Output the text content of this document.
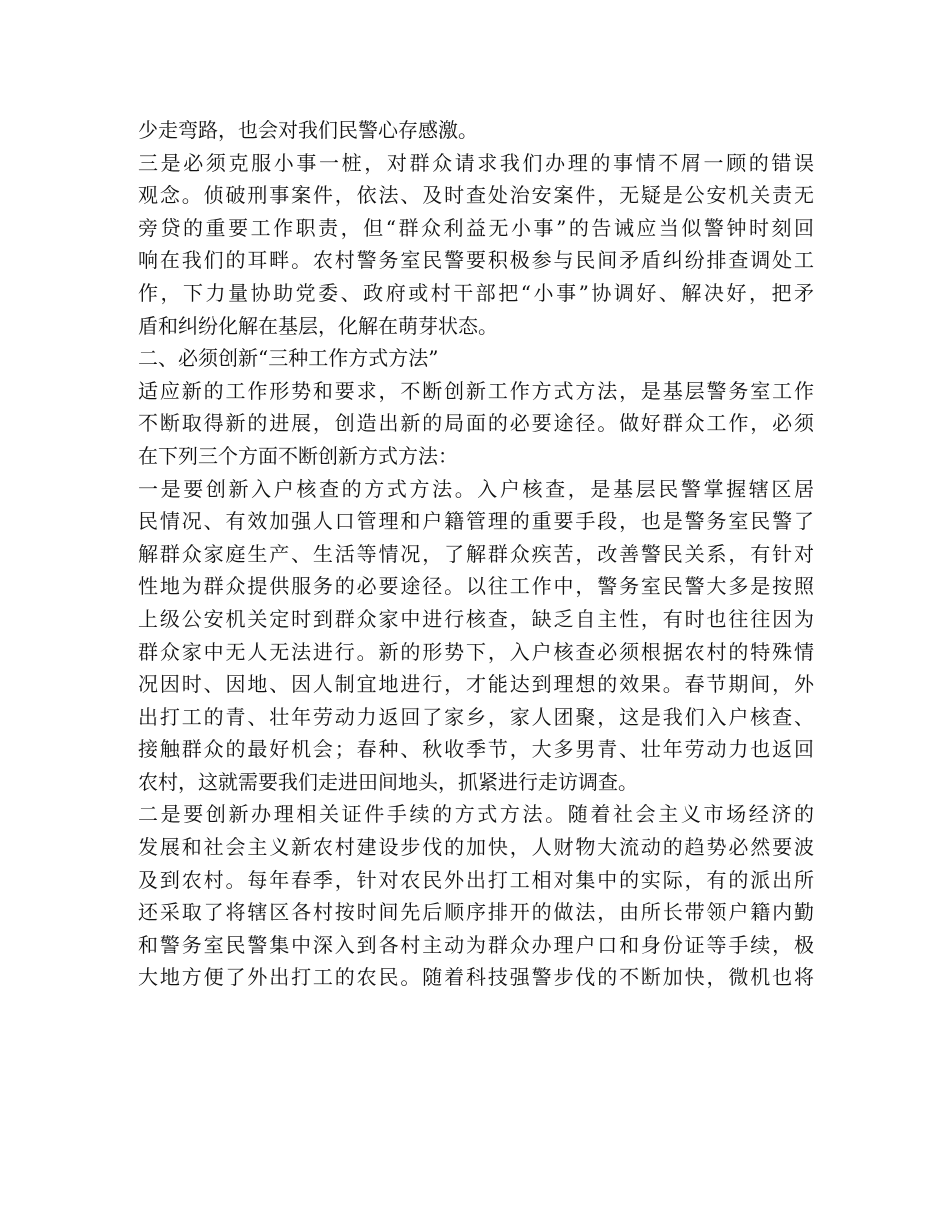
少走弯路，也会对我们民警心存感激。
三是必须克服小事一桩，对群众请求我们办理的事情不屑一顾的错误
观念。侦破刑事案件，依法、及时查处治安案件，无疑是公安机关责无
旁贷的重要工作职责，但“群众利益无小事”的告诫应当似警钟时刻回
响在我们的耳畔。农村警务室民警要积极参与民间矛盾纠纷排查调处工
作，下力量协助党委、政府或村干部把“小事”协调好、解决好，把矛
盾和纠纷化解在基层，化解在萌芽状态。
二、必须创新“三种工作方式方法”
适应新的工作形势和要求，不断创新工作方式方法，是基层警务室工作
不断取得新的进展，创造出新的局面的必要途径。做好群众工作，必须
在下列三个方面不断创新方式方法：
一是要创新入户核查的方式方法。入户核查，是基层民警掌握辖区居
民情况、有效加强人口管理和户籍管理的重要手段，也是警务室民警了
解群众家庭生产、生活等情况，了解群众疾苦，改善警民关系，有针对
性地为群众提供服务的必要途径。以往工作中，警务室民警大多是按照
上级公安机关定时到群众家中进行核查，缺乏自主性，有时也往往因为
群众家中无人无法进行。新的形势下，入户核查必须根据农村的特殊情
况因时、因地、因人制宜地进行，才能达到理想的效果。春节期间，外
出打工的青、壮年劳动力返回了家乡，家人团聚，这是我们入户核查、
接触群众的最好机会；春种、秋收季节，大多男青、壮年劳动力也返回
农村，这就需要我们走进田间地头，抓紧进行走访调查。
二是要创新办理相关证件手续的方式方法。随着社会主义市场经济的
发展和社会主义新农村建设步伐的加快，人财物大流动的趋势必然要波
及到农村。每年春季，针对农民外出打工相对集中的实际，有的派出所
还采取了将辖区各村按时间先后顺序排开的做法，由所长带领户籍内勤
和警务室民警集中深入到各村主动为群众办理户口和身份证等手续，极
大地方便了外出打工的农民。随着科技强警步伐的不断加快，微机也将
